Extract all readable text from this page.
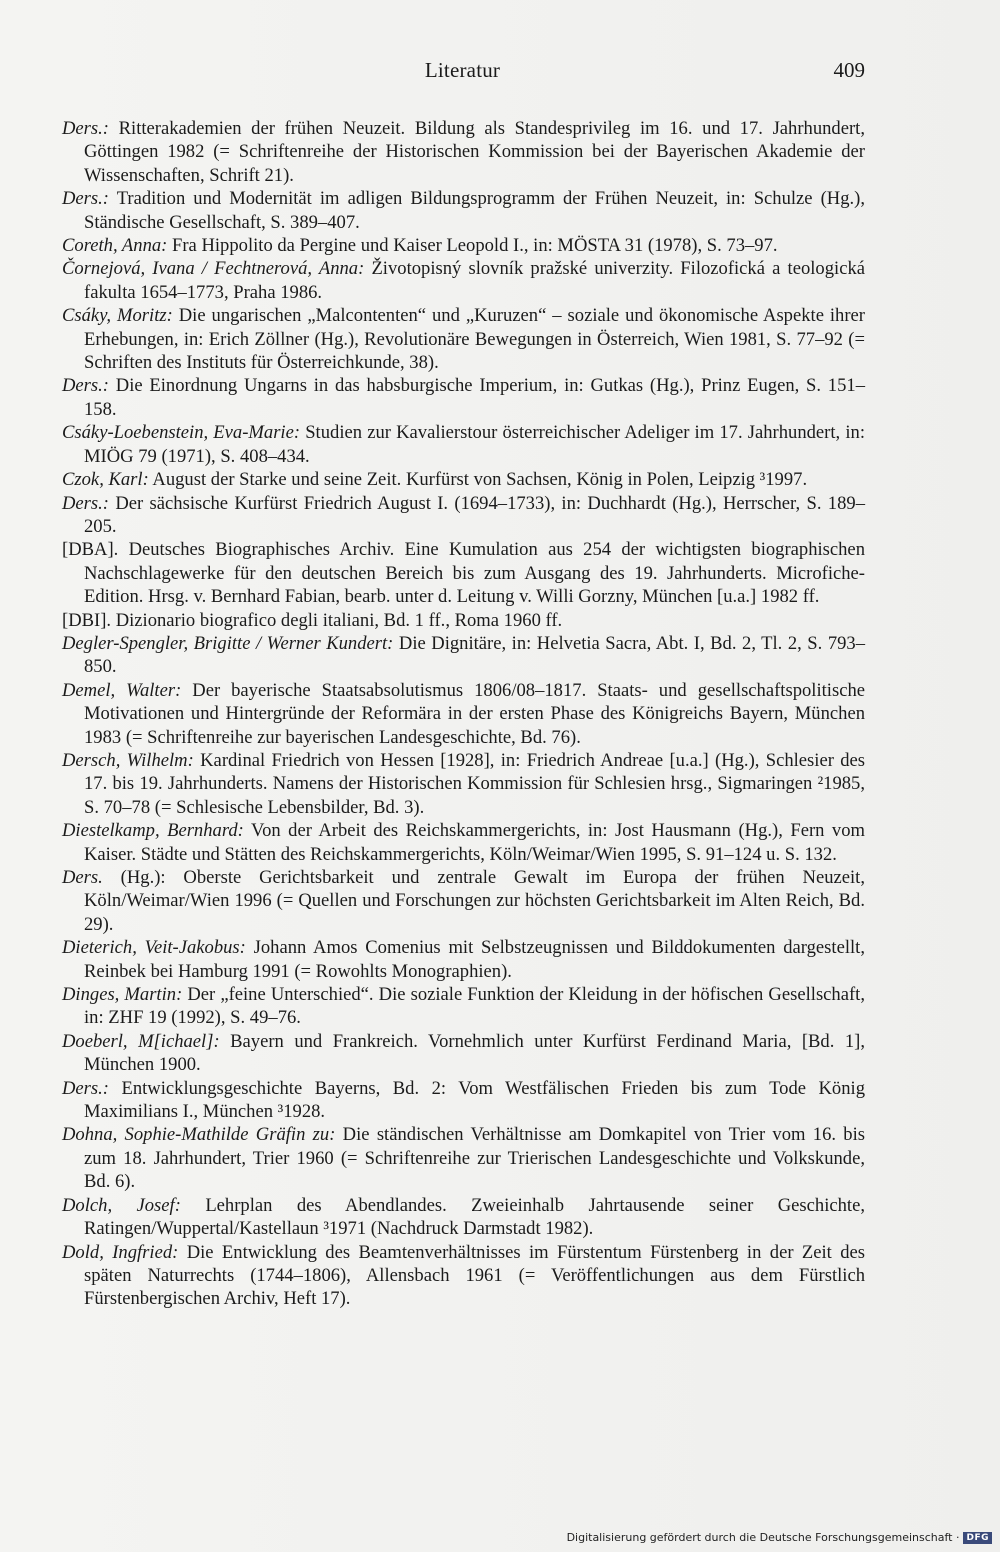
Literatur	409

Ders.: Ritterakademien der frühen Neuzeit. Bildung als Standesprivileg im 16. und 17. Jahrhundert, Göttingen 1982 (= Schriftenreihe der Historischen Kommission bei der Bayerischen Akademie der Wissenschaften, Schrift 21).

Ders.: Tradition und Modernität im adligen Bildungsprogramm der Frühen Neuzeit, in: Schulze (Hg.), Ständische Gesellschaft, S. 389–407.

Coreth, Anna: Fra Hippolito da Pergine und Kaiser Leopold I., in: MÖSTA 31 (1978), S. 73–97.

Čornejová, Ivana / Fechtnerová, Anna: Životopisný slovník pražské univerzity. Filozofická a teologická fakulta 1654–1773, Praha 1986.

Csáky, Moritz: Die ungarischen „Malcontenten“ und „Kuruzen“ – soziale und ökonomische Aspekte ihrer Erhebungen, in: Erich Zöllner (Hg.), Revolutionäre Bewegungen in Österreich, Wien 1981, S. 77–92 (= Schriften des Instituts für Österreichkunde, 38).

Ders.: Die Einordnung Ungarns in das habsburgische Imperium, in: Gutkas (Hg.), Prinz Eugen, S. 151–158.

Csáky-Loebenstein, Eva-Marie: Studien zur Kavalierstour österreichischer Adeliger im 17. Jahrhundert, in: MIÖG 79 (1971), S. 408–434.

Czok, Karl: August der Starke und seine Zeit. Kurfürst von Sachsen, König in Polen, Leipzig ³1997.

Ders.: Der sächsische Kurfürst Friedrich August I. (1694–1733), in: Duchhardt (Hg.), Herrscher, S. 189–205.

[DBA]. Deutsches Biographisches Archiv. Eine Kumulation aus 254 der wichtigsten biographischen Nachschlagewerke für den deutschen Bereich bis zum Ausgang des 19. Jahrhunderts. Microfiche-Edition. Hrsg. v. Bernhard Fabian, bearb. unter d. Leitung v. Willi Gorzny, München [u.a.] 1982 ff.

[DBI]. Dizionario biografico degli italiani, Bd. 1 ff., Roma 1960 ff.

Degler-Spengler, Brigitte / Werner Kundert: Die Dignitäre, in: Helvetia Sacra, Abt. I, Bd. 2, Tl. 2, S. 793–850.

Demel, Walter: Der bayerische Staatsabsolutismus 1806/08–1817. Staats- und gesellschaftspolitische Motivationen und Hintergründe der Reformära in der ersten Phase des Königreichs Bayern, München 1983 (= Schriftenreihe zur bayerischen Landesgeschichte, Bd. 76).

Dersch, Wilhelm: Kardinal Friedrich von Hessen [1928], in: Friedrich Andreae [u.a.] (Hg.), Schlesier des 17. bis 19. Jahrhunderts. Namens der Historischen Kommission für Schlesien hrsg., Sigmaringen ²1985, S. 70–78 (= Schlesische Lebensbilder, Bd. 3).

Diestelkamp, Bernhard: Von der Arbeit des Reichskammergerichts, in: Jost Hausmann (Hg.), Fern vom Kaiser. Städte und Stätten des Reichskammergerichts, Köln/Weimar/Wien 1995, S. 91–124 u. S. 132.

Ders. (Hg.): Oberste Gerichtsbarkeit und zentrale Gewalt im Europa der frühen Neuzeit, Köln/Weimar/Wien 1996 (= Quellen und Forschungen zur höchsten Gerichtsbarkeit im Alten Reich, Bd. 29).

Dieterich, Veit-Jakobus: Johann Amos Comenius mit Selbstzeugnissen und Bilddokumenten dargestellt, Reinbek bei Hamburg 1991 (= Rowohlts Monographien).

Dinges, Martin: Der „feine Unterschied“. Die soziale Funktion der Kleidung in der höfischen Gesellschaft, in: ZHF 19 (1992), S. 49–76.

Doeberl, M[ichael]: Bayern und Frankreich. Vornehmlich unter Kurfürst Ferdinand Maria, [Bd. 1], München 1900.

Ders.: Entwicklungsgeschichte Bayerns, Bd. 2: Vom Westfälischen Frieden bis zum Tode König Maximilians I., München ³1928.

Dohna, Sophie-Mathilde Gräfin zu: Die ständischen Verhältnisse am Domkapitel von Trier vom 16. bis zum 18. Jahrhundert, Trier 1960 (= Schriftenreihe zur Trierischen Landesgeschichte und Volkskunde, Bd. 6).

Dolch, Josef: Lehrplan des Abendlandes. Zweieinhalb Jahrtausende seiner Geschichte, Ratingen/Wuppertal/Kastellaun ³1971 (Nachdruck Darmstadt 1982).

Dold, Ingfried: Die Entwicklung des Beamtenverhältnisses im Fürstentum Fürstenberg in der Zeit des späten Naturrechts (1744–1806), Allensbach 1961 (= Veröffentlichungen aus dem Fürstlich Fürstenbergischen Archiv, Heft 17).

Digitalisierung gefördert durch die Deutsche Forschungsgemeinschaft · DFG
